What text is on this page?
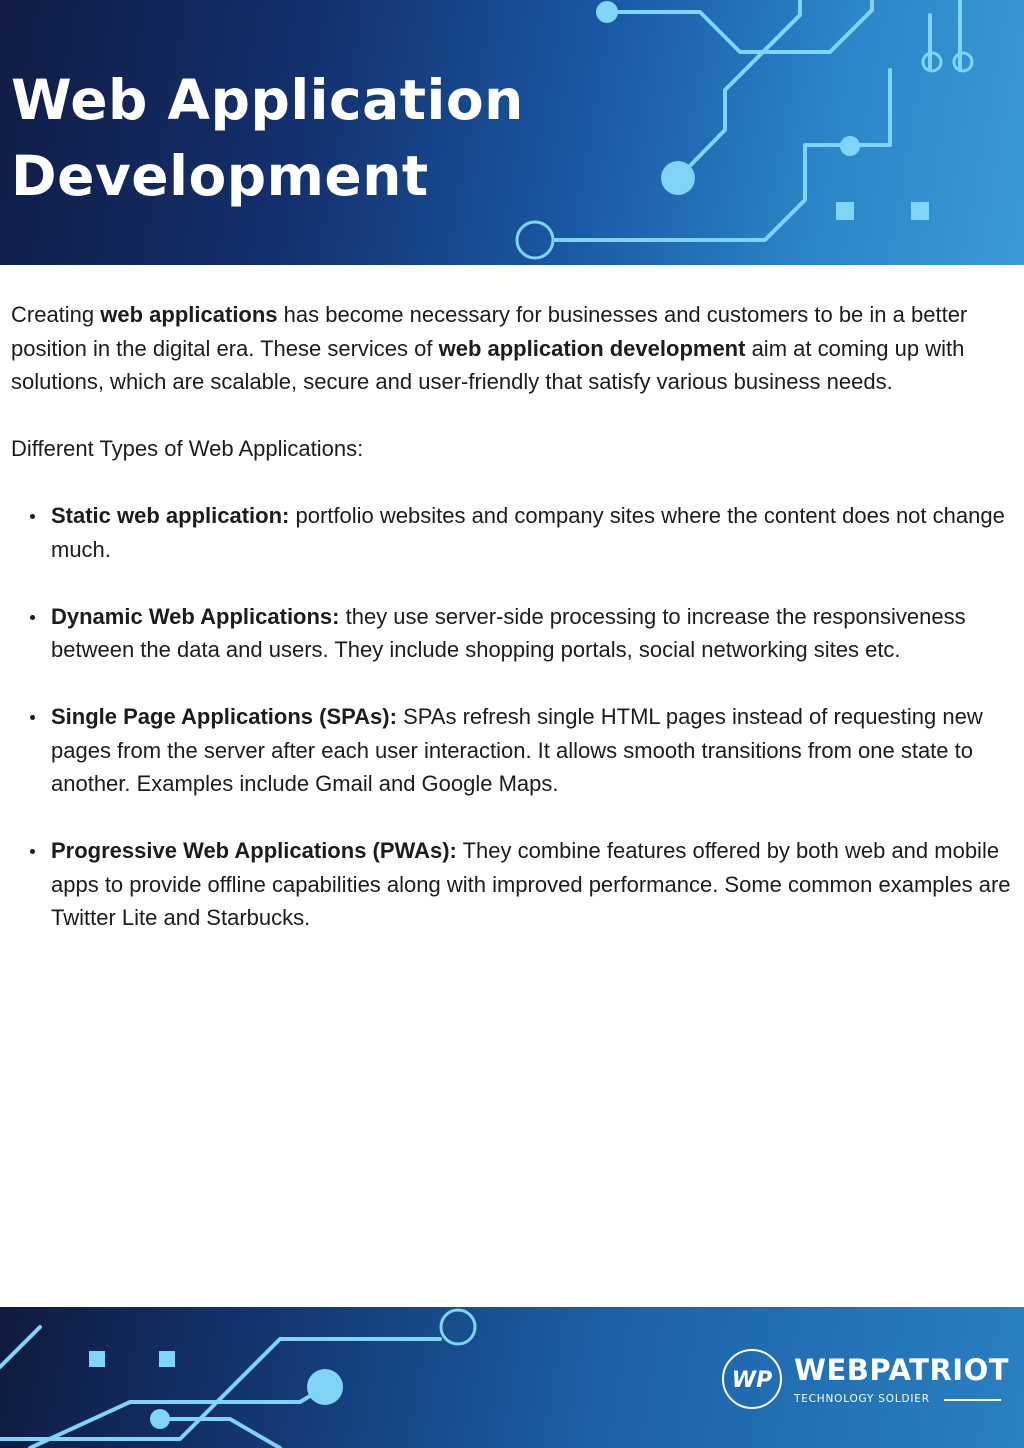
Web Application
Development

Creating web applications has become necessary for businesses and customers to be in a better position in the digital era. These services of web application development aim at coming up with solutions, which are scalable, secure and user-friendly that satisfy various business needs.

Different Types of Web Applications:

Static web application: portfolio websites and company sites where the content does not change much.
Dynamic Web Applications: they use server-side processing to increase the responsiveness between the data and users. They include shopping portals, social networking sites etc.
Single Page Applications (SPAs): SPAs refresh single HTML pages instead of requesting new pages from the server after each user interaction. It allows smooth transitions from one state to another. Examples include Gmail and Google Maps.
Progressive Web Applications (PWAs): They combine features offered by both web and mobile apps to provide offline capabilities along with improved performance. Some common examples are Twitter Lite and Starbucks.
WP WEBPATRIOT
TECHNOLOGY SOLDIER
